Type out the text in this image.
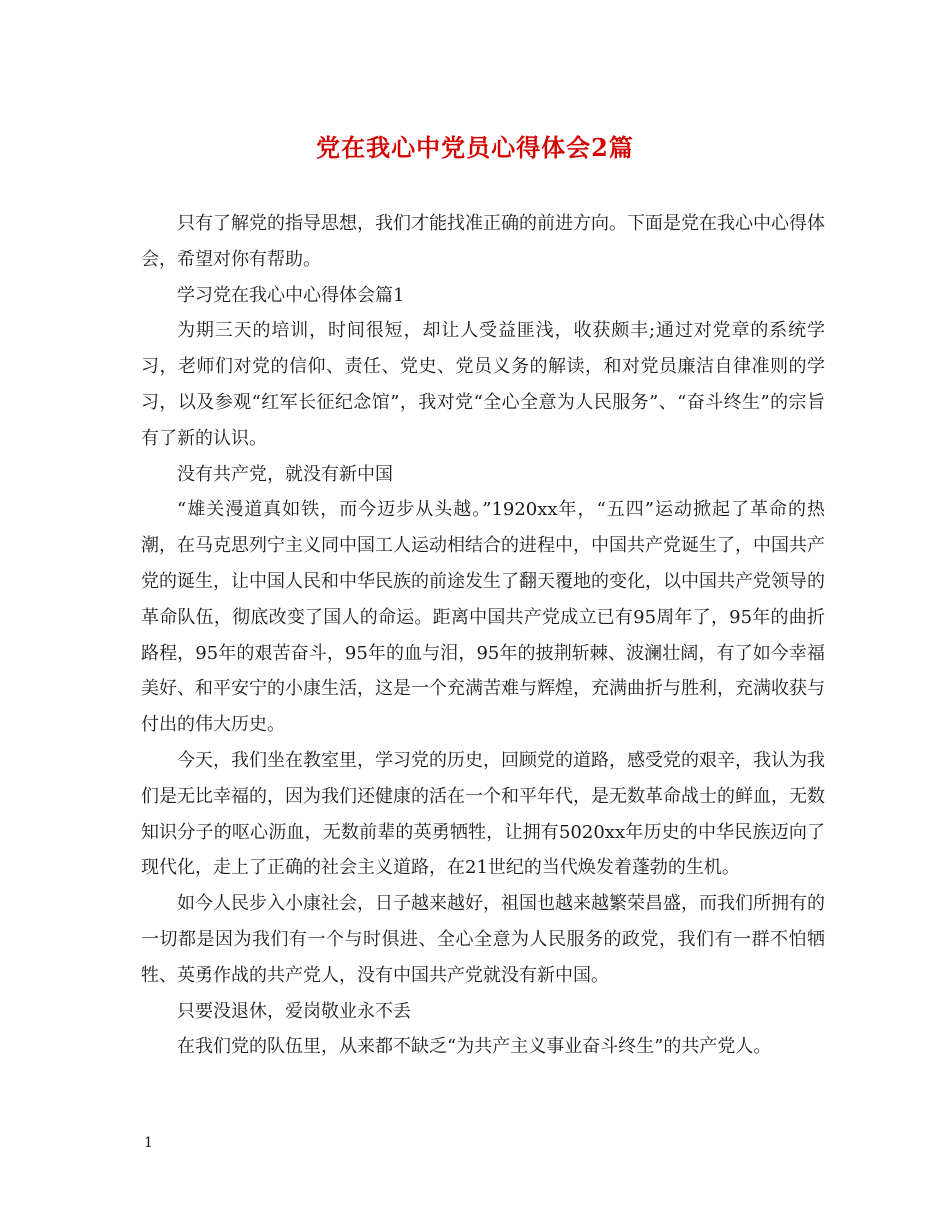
党在我心中党员心得体会2篇

只有了解党的指导思想，我们才能找准正确的前进方向。下面是党在我心中心得体会，希望对你有帮助。

学习党在我心中心得体会篇1

为期三天的培训，时间很短，却让人受益匪浅，收获颇丰;通过对党章的系统学习，老师们对党的信仰、责任、党史、党员义务的解读，和对党员廉洁自律准则的学习，以及参观“红军长征纪念馆”，我对党“全心全意为人民服务”、“奋斗终生”的宗旨有了新的认识。

没有共产党，就没有新中国

“雄关漫道真如铁，而今迈步从头越。”1920xx年，“五四”运动掀起了革命的热潮，在马克思列宁主义同中国工人运动相结合的进程中，中国共产党诞生了，中国共产党的诞生，让中国人民和中华民族的前途发生了翻天覆地的变化，以中国共产党领导的革命队伍，彻底改变了国人的命运。距离中国共产党成立已有95周年了，95年的曲折路程，95年的艰苦奋斗，95年的血与泪，95年的披荆斩棘、波澜壮阔，有了如今幸福美好、和平安宁的小康生活，这是一个充满苦难与辉煌，充满曲折与胜利，充满收获与付出的伟大历史。

今天，我们坐在教室里，学习党的历史，回顾党的道路，感受党的艰辛，我认为我们是无比幸福的，因为我们还健康的活在一个和平年代，是无数革命战士的鲜血，无数知识分子的呕心沥血，无数前辈的英勇牺牲，让拥有5020xx年历史的中华民族迈向了现代化，走上了正确的社会主义道路，在21世纪的当代焕发着蓬勃的生机。

如今人民步入小康社会，日子越来越好，祖国也越来越繁荣昌盛，而我们所拥有的一切都是因为我们有一个与时俱进、全心全意为人民服务的政党，我们有一群不怕牺牲、英勇作战的共产党人，没有中国共产党就没有新中国。

只要没退休，爱岗敬业永不丢

在我们党的队伍里，从来都不缺乏“为共产主义事业奋斗终生”的共产党人。

1
